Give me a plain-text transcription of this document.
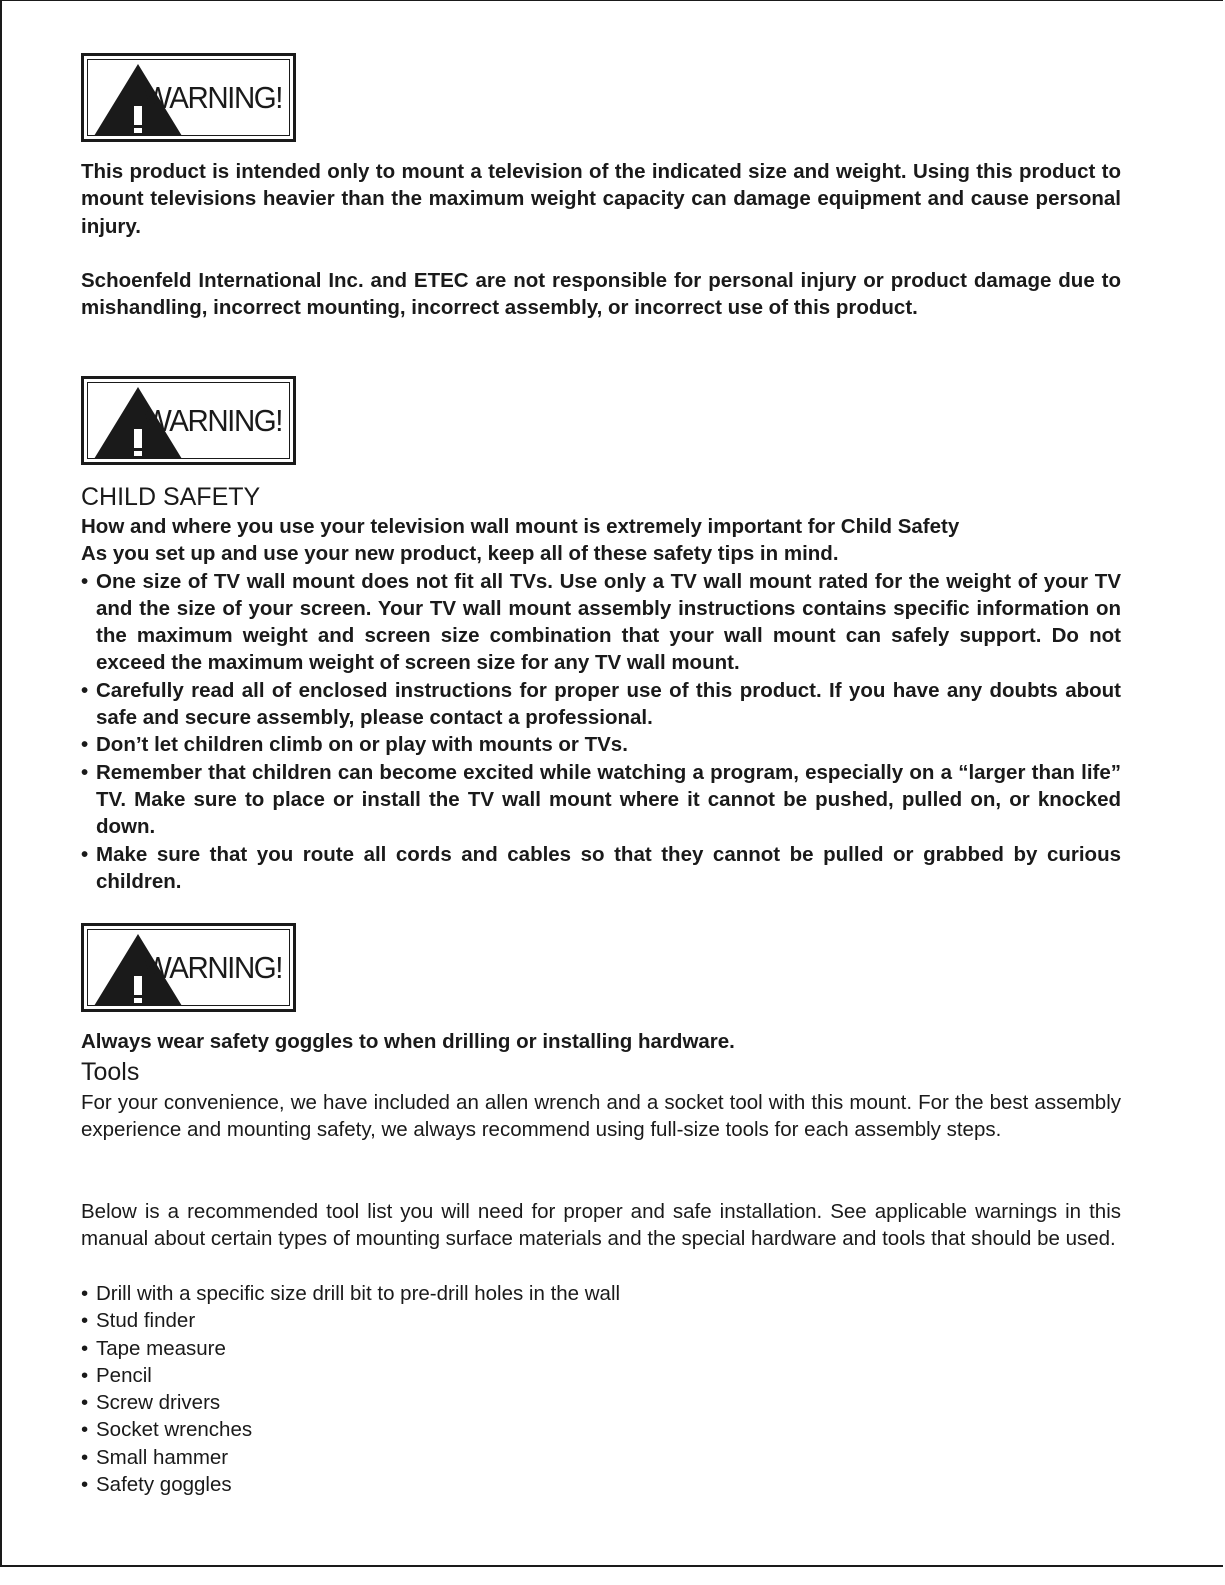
WARNING!
This product is intended only to mount a television of the indicated size and weight. Using this product to mount televisions heavier than the maximum weight capacity can damage equipment and cause personal injury.
Schoenfeld International Inc. and ETEC are not responsible for personal injury or product damage due to mishandling, incorrect mounting, incorrect assembly, or incorrect use of this product.
WARNING!
CHILD SAFETY

How and where you use your television wall mount is extremely important for Child Safety

As you set up and use your new product, keep all of these safety tips in mind.

• One size of TV wall mount does not fit all TVs. Use only a TV wall mount rated for the weight of your TV and the size of your screen. Your TV wall mount assembly instructions contains specific information on the maximum weight and screen size combination that your wall mount can safely support. Do not exceed the maximum weight of screen size for any TV wall mount.
• Carefully read all of enclosed instructions for proper use of this product. If you have any doubts about safe and secure assembly, please contact a professional.
• Don’t let children climb on or play with mounts or TVs.
• Remember that children can become excited while watching a program, especially on a “larger than life” TV. Make sure to place or install the TV wall mount where it cannot be pushed, pulled on, or knocked down.
• Make sure that you route all cords and cables so that they cannot be pulled or grabbed by curious children.
WARNING!
Always wear safety goggles to when drilling or installing hardware.
Tools
For your convenience, we have included an allen wrench and a socket tool with this mount. For the best assembly experience and mounting safety, we always recommend using full-size tools for each assembly steps.
Below is a recommended tool list you will need for proper and safe installation. See applicable warnings in this manual about certain types of mounting surface materials and the special hardware and tools that should be used.
• Drill with a specific size drill bit to pre-drill holes in the wall
• Stud finder
• Tape measure
• Pencil
• Screw drivers
• Socket wrenches
• Small hammer
• Safety goggles
